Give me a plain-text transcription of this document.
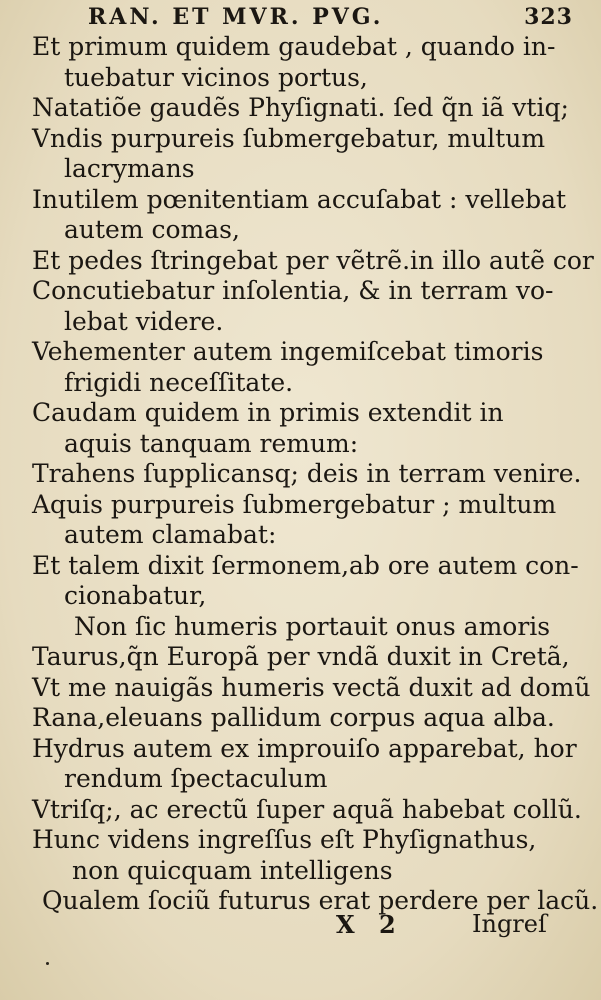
RAN. ET MVR. PVG.	323
Et primum quidem gaudebat , quando in-
tuebatur vicinos portus,
Natatiõe gaudẽs Phyſignati. ſed q̃n iã vtiq;
Vndis purpureis ſubmergebatur, multum
lacrymans
Inutilem pœnitentiam accuſabat : vellebat
autem comas,
Et pedes ſtringebat per vẽtrẽ.in illo autẽ cor
Concutiebatur inſolentia, & in terram vo-
lebat videre.
Vehementer autem ingemiſcebat timoris
frigidi neceſſitate.
Caudam quidem in primis extendit in
aquis tanquam remum:
Trahens ſupplicansq; deis in terram venire.
Aquis purpureis ſubmergebatur ; multum
autem clamabat:
Et talem dixit ſermonem,ab ore autem con-
cionabatur,
Non ſic humeris portauit onus amoris
Taurus,q̃n Europã per vndã duxit in Cretã,
Vt me nauigãs humeris vectã duxit ad domũ
Rana,eleuans pallidum corpus aqua alba.
Hydrus autem ex improuiſo apparebat, hor
rendum ſpectaculum
Vtriſq;, ac erectũ ſuper aquã habebat collũ.
Hunc videns ingreſſus eſt Phyſignathus,
non quicquam intelligens
Qualem ſociũ futurus erat perdere per lacũ.
X 2	Ingreſ
